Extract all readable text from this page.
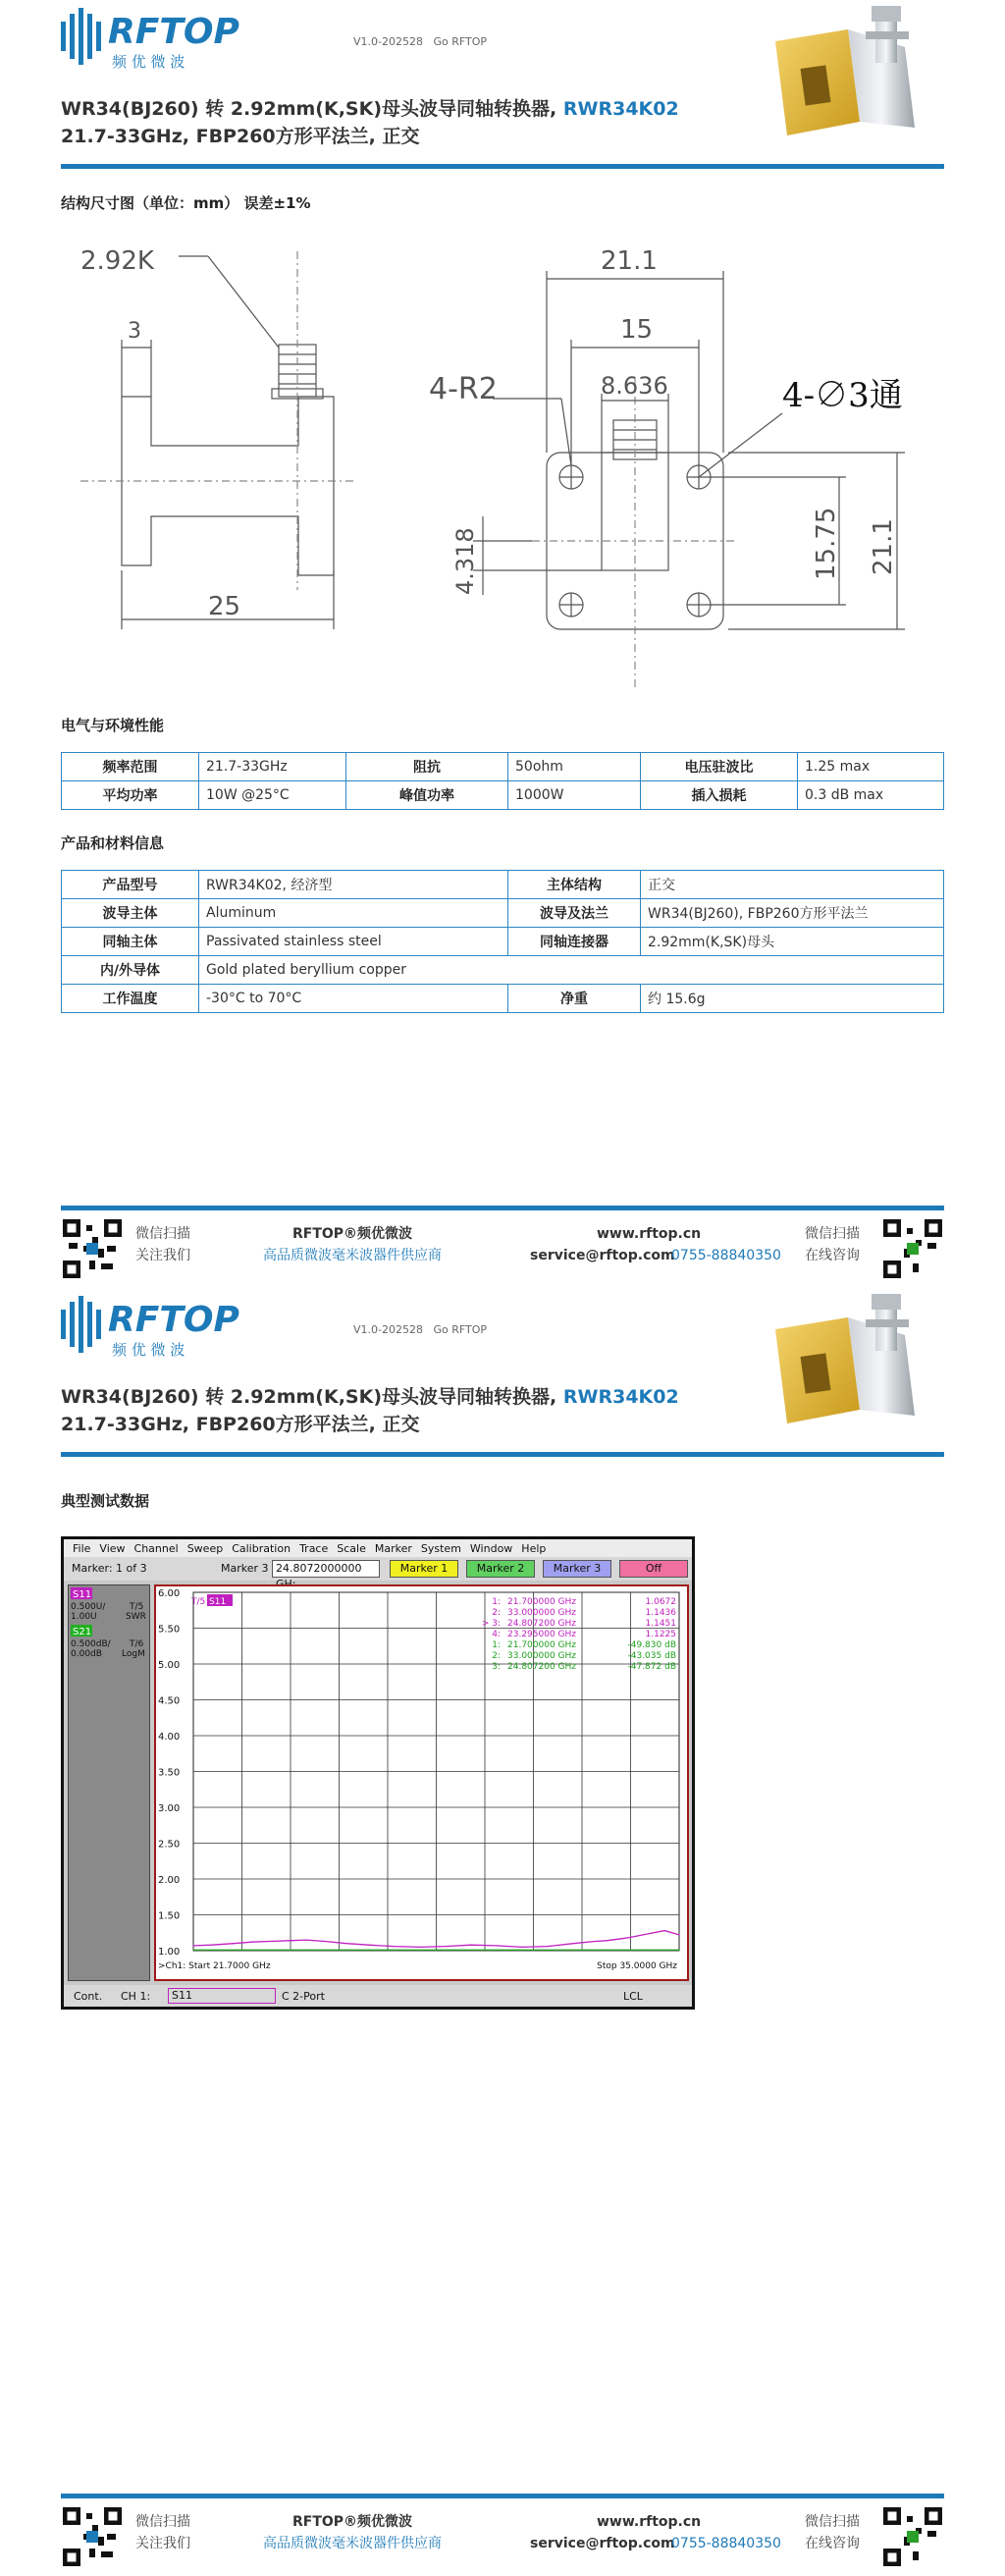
RFTOP
频 优 微 波
V1.0-202528 Go RFTOP
WR34(BJ260) 转 2.92mm(K,SK)母头波导同轴转换器, RWR34K02
21.7-33GHz, FBP260方形平法兰, 正交
结构尺寸图（单位：mm） 误差±1%
2.92K
3
25
4-R2
21.1
15
8.636	4-∅3通
4.318	15.75 21.1
电气与环境性能
频率范围	21.7-33GHz	阻抗	50ohm	电压驻波比	1.25 max
平均功率	10W @25°C	峰值功率	1000W	插入损耗	0.3 dB max
产品和材料信息
产品型号	RWR34K02, 经济型	主体结构	正交
波导主体	Aluminum	波导及法兰	WR34(BJ260), FBP260方形平法兰
同轴主体	Passivated stainless steel	同轴连接器	2.92mm(K,SK)母头
内/外导体	Gold plated beryllium copper		
工作温度	-30°C to 70°C	净重	约 15.6g
微信扫描
关注我们
RFTOP®频优微波
高品质微波毫米波器件供应商
www.rftop.cn
service@rftop.com
0755-88840350
微信扫描
在线咨询
RFTOP
频 优 微 波
V1.0-202528 Go RFTOP
WR34(BJ260) 转 2.92mm(K,SK)母头波导同轴转换器, RWR34K02
21.7-33GHz, FBP260方形平法兰, 正交
典型测试数据
微信扫描
关注我们
RFTOP®频优微波
高品质微波毫米波器件供应商
www.rftop.cn
service@rftop.com
0755-88840350
微信扫描
在线咨询
File View Channel Sweep Calibration Trace Scale Marker System Window Help
Marker: 1 of 3	Marker 3 24.8072000000	Marker 1	Marker 2	Marker 3	Off
S11
0.500U/	T/5
1.00U	SWR
S21
0.500dB/ T/6
0.00dB LogM
6.00
5.50
5.00
4.50
4.00
3.50
3.00
2.50
2.00
1.50
1.00
T/5 S11	1: 21.700000 GHz	1.0672
2: 33.000000 GHz	1.1436
> 3: 24.807200 GHz	1.1451
4: 23.295000 GHz	1.1225
1: 21.700000 GHz	-49.830 dB
2: 33.000000 GHz	-43.035 dB
3: 24.807200 GHz	-47.872 dB
>Ch1: Start 21.7000 GHz	Stop 35.0000 GHz
Cont. CH 1:	S11	C 2-Port	LCL
